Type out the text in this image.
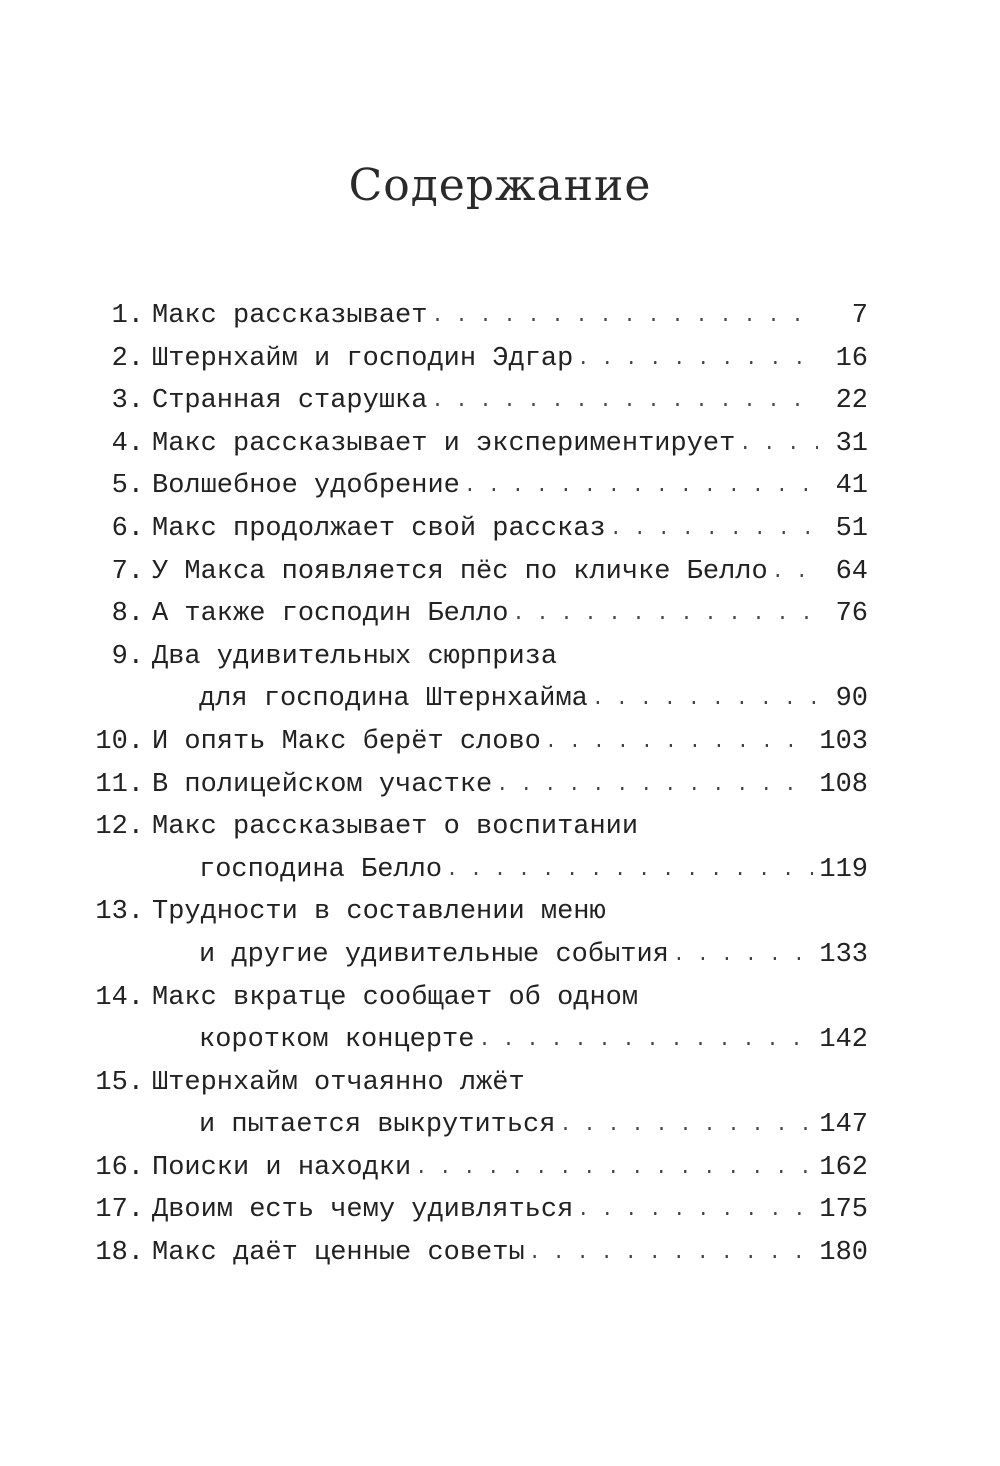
Содержание
1. Макс рассказывает . . .	7
2. Штернхайм и господин Эдгар . . .	16
3. Странная старушка . . .	22
4. Макс рассказывает и экспериментирует . . .	31
5. Волшебное удобрение . . .	41
6. Макс продолжает свой рассказ . . .	51
7. У Макса появляется пёс по кличке Белло . . .	64
8. А также господин Белло . . .	76
9. Два удивительных сюрприза
для господина Штернхайма . . .	90
10. И опять Макс берёт слово . . .	103
11. В полицейском участке . . .	108
12. Макс рассказывает о воспитании
господина Белло . . .	119
13. Трудности в составлении меню
и другие удивительные события . . .	133
14. Макс вкратце сообщает об одном
коротком концерте . . .	142
15. Штернхайм отчаянно лжёт
и пытается выкрутиться . . .	147
16. Поиски и находки . . .	162
17. Двоим есть чему удивляться . . .	175
18. Макс даёт ценные советы . . .	180
